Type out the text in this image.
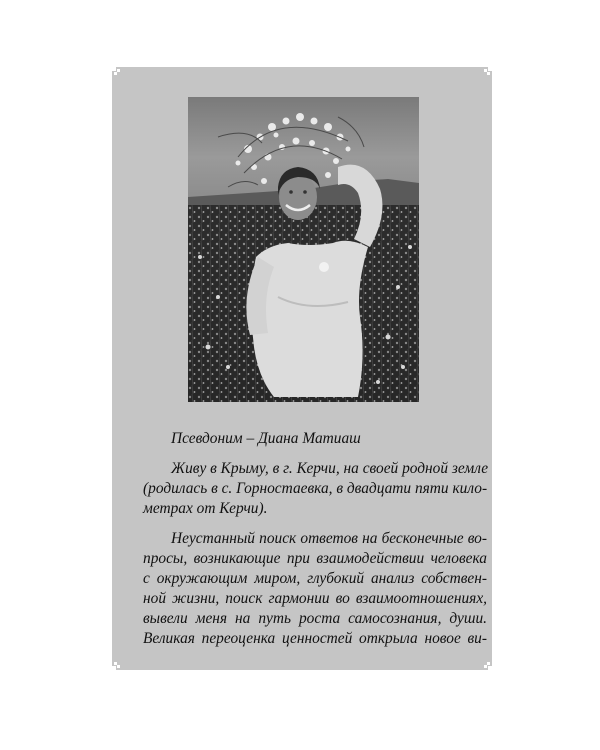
Псевдоним – Диана Матиаш
Живу в Крыму, в г. Керчи, на своей родной земле
(родилась в с. Горностаевка, в двадцати пяти кило-
метрах от Керчи).
Неустанный поиск ответов на бесконечные во-
просы, возникающие при взаимодействии человека
с окружающим миром, глубокий анализ собствен-
ной жизни, поиск гармонии во взаимоотношениях,
вывели меня на путь роста самосознания, души.
Великая переоценка ценностей открыла новое ви-
